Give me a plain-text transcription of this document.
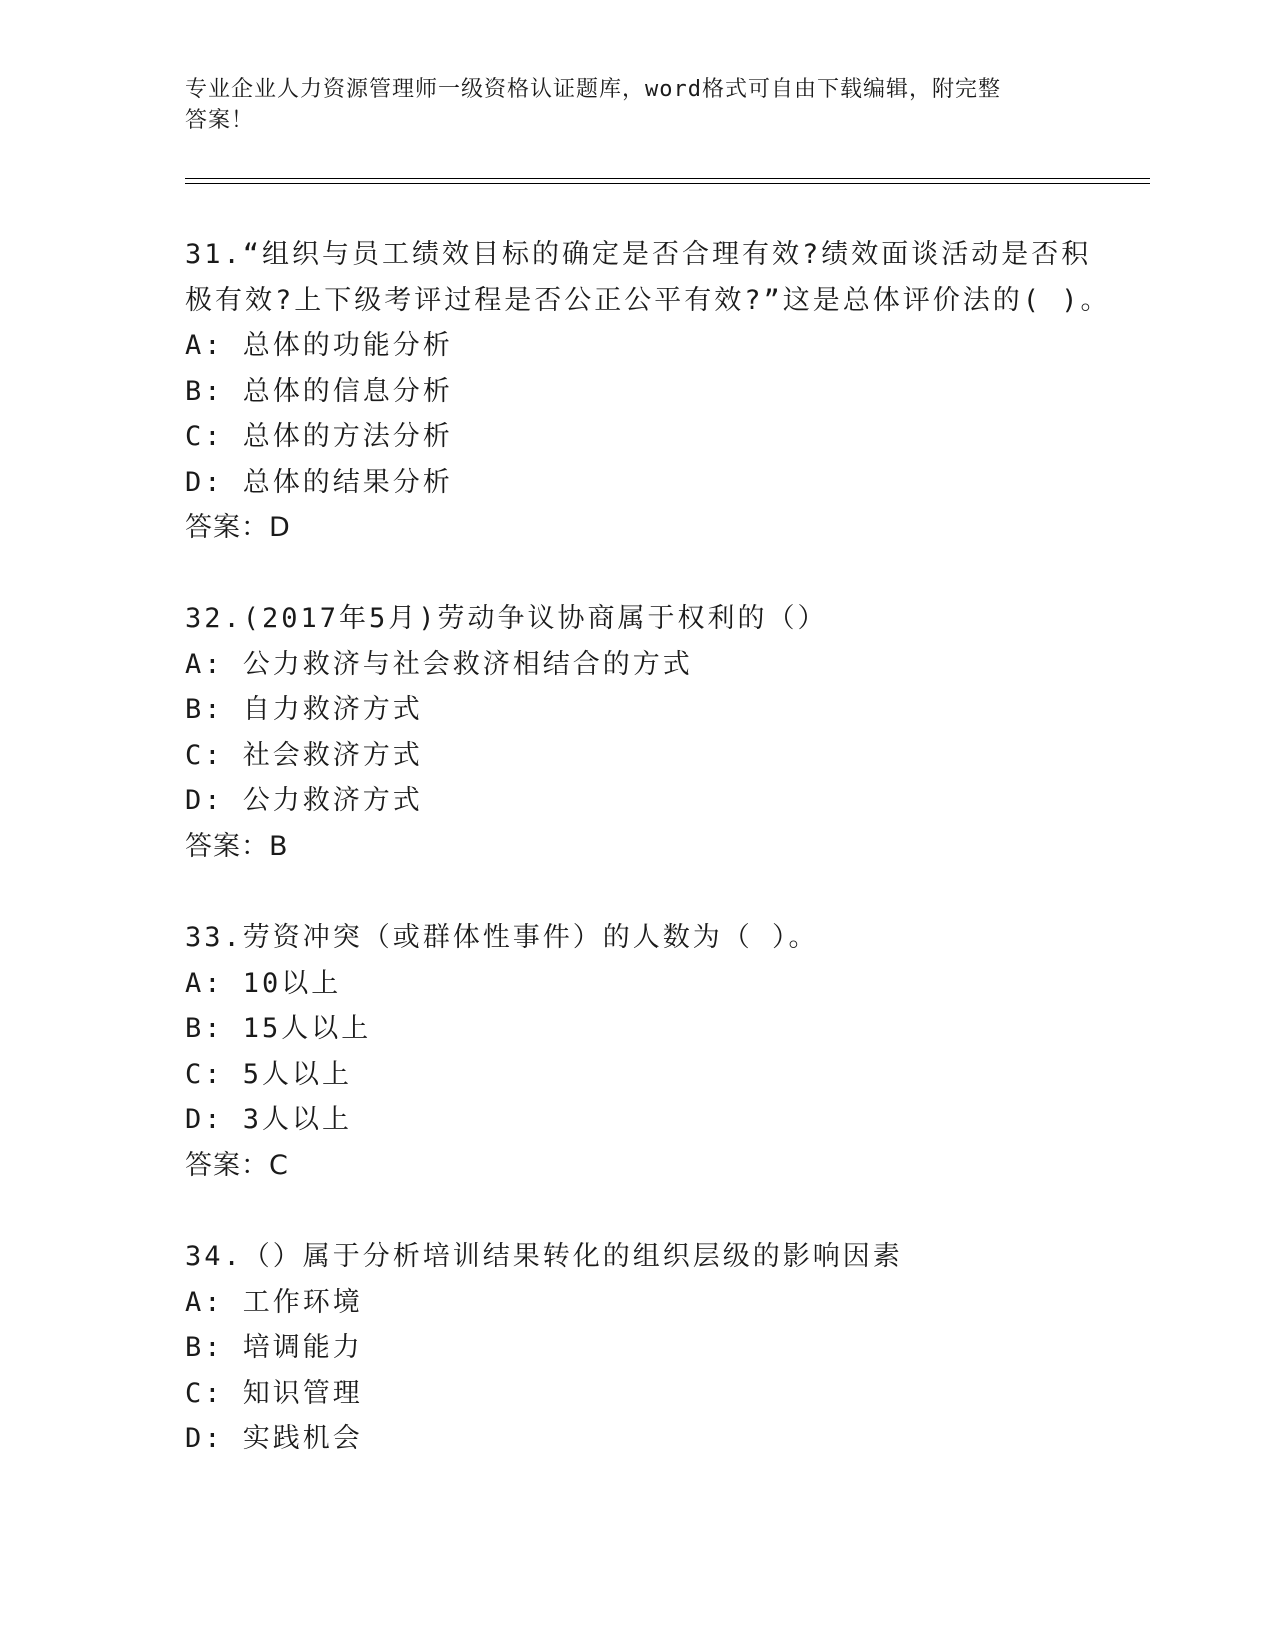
专业企业人力资源管理师一级资格认证题库，word格式可自由下载编辑，附完整
答案！
31.“组织与员工绩效目标的确定是否合理有效?绩效面谈活动是否积
极有效?上下级考评过程是否公正公平有效?”这是总体评价法的( )。
A: 总体的功能分析
B: 总体的信息分析
C: 总体的方法分析
D: 总体的结果分析
答案：D
32.(2017年5月)劳动争议协商属于权利的（）
A: 公力救济与社会救济相结合的方式
B: 自力救济方式
C: 社会救济方式
D: 公力救济方式
答案：B
33.劳资冲突（或群体性事件）的人数为（ ）。
A: 10以上
B: 15人以上
C: 5人以上
D: 3人以上
答案：C
34.（）属于分析培训结果转化的组织层级的影响因素
A: 工作环境
B: 培调能力
C: 知识管理
D: 实践机会
